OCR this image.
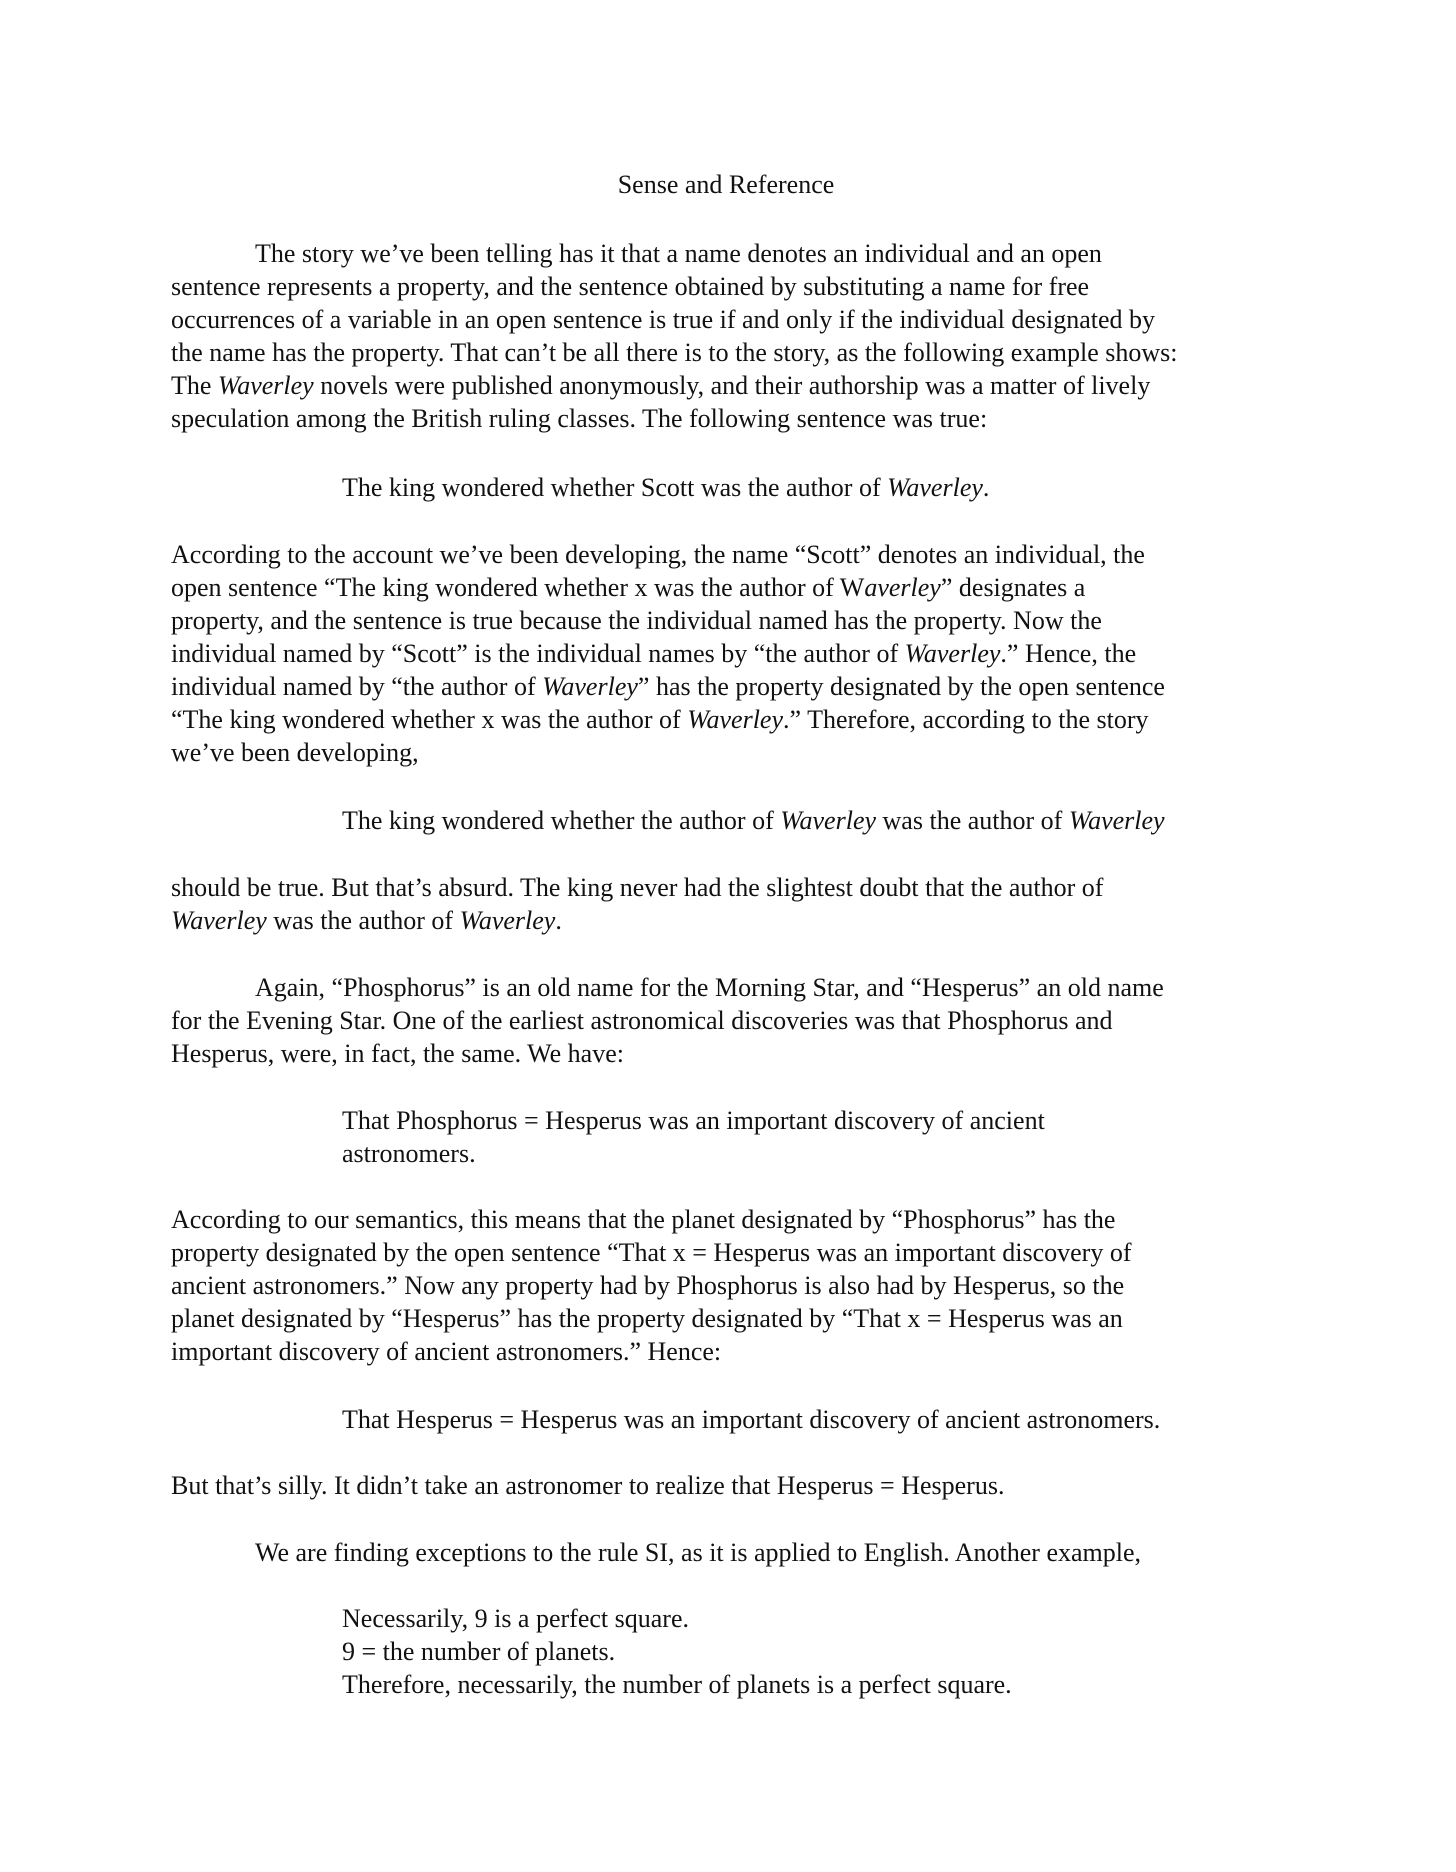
Sense and Reference
The story we’ve been telling has it that a name denotes an individual and an open
sentence represents a property, and the sentence obtained by substituting a name for free
occurrences of a variable in an open sentence is true if and only if the individual designated by
the name has the property. That can’t be all there is to the story, as the following example shows:
The Waverley novels were published anonymously, and their authorship was a matter of lively
speculation among the British ruling classes. The following sentence was true:
The king wondered whether Scott was the author of Waverley.
According to the account we’ve been developing, the name “Scott” denotes an individual, the
open sentence “The king wondered whether x was the author of Waverley” designates a
property, and the sentence is true because the individual named has the property. Now the
individual named by “Scott” is the individual names by “the author of Waverley.” Hence, the
individual named by “the author of Waverley” has the property designated by the open sentence
“The king wondered whether x was the author of Waverley.” Therefore, according to the story
we’ve been developing,
The king wondered whether the author of Waverley was the author of Waverley
should be true. But that’s absurd. The king never had the slightest doubt that the author of
Waverley was the author of Waverley.
Again, “Phosphorus” is an old name for the Morning Star, and “Hesperus” an old name
for the Evening Star. One of the earliest astronomical discoveries was that Phosphorus and
Hesperus, were, in fact, the same. We have:
That Phosphorus = Hesperus was an important discovery of ancient
astronomers.
According to our semantics, this means that the planet designated by “Phosphorus” has the
property designated by the open sentence “That x = Hesperus was an important discovery of
ancient astronomers.” Now any property had by Phosphorus is also had by Hesperus, so the
planet designated by “Hesperus” has the property designated by “That x = Hesperus was an
important discovery of ancient astronomers.” Hence:
That Hesperus = Hesperus was an important discovery of ancient astronomers.
But that’s silly. It didn’t take an astronomer to realize that Hesperus = Hesperus.
We are finding exceptions to the rule SI, as it is applied to English. Another example,
Necessarily, 9 is a perfect square.
9 = the number of planets.
Therefore, necessarily, the number of planets is a perfect square.
